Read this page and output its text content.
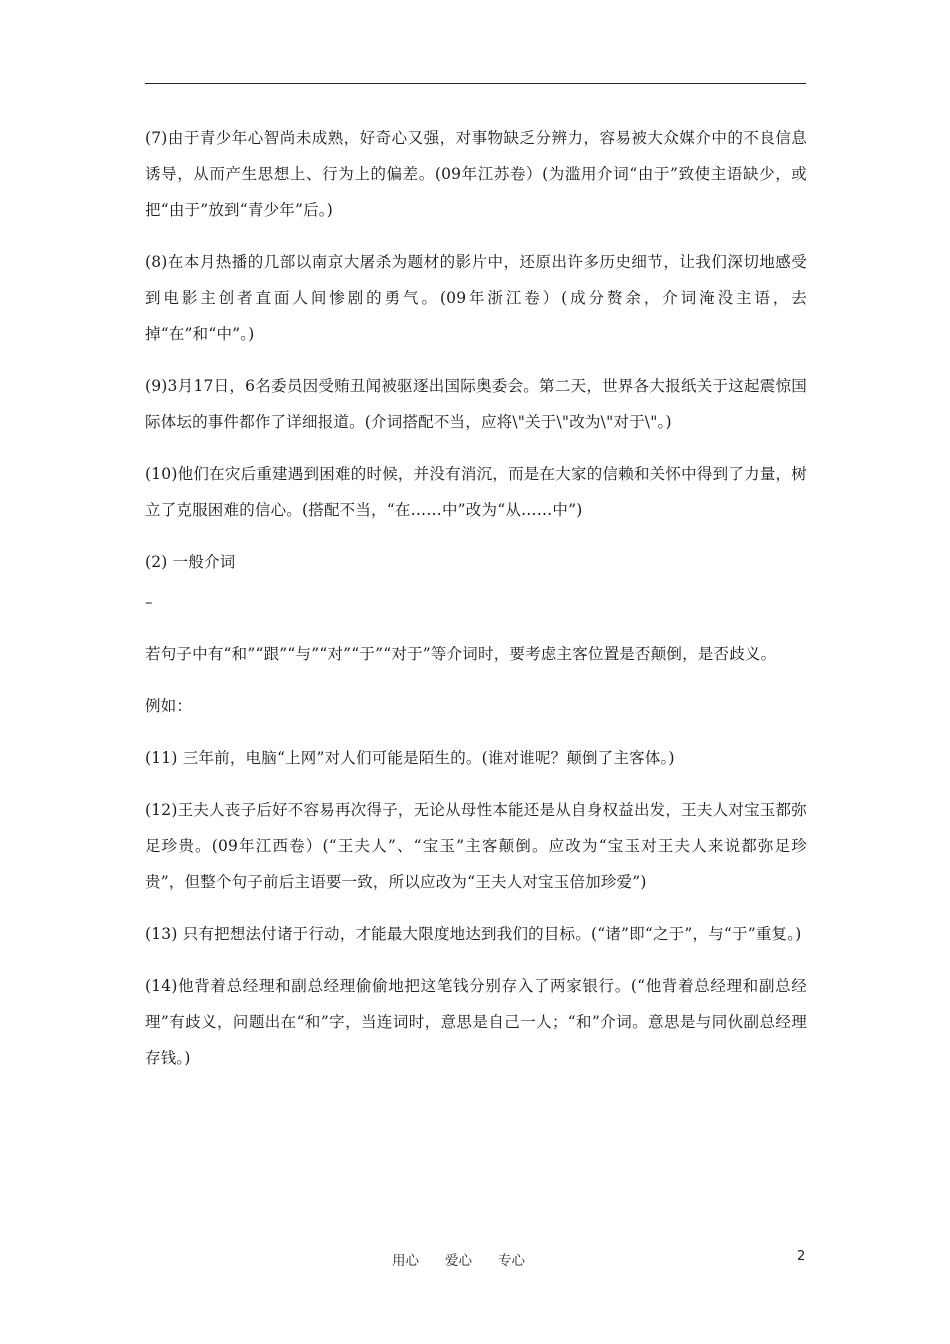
(7)由于青少年心智尚未成熟，好奇心又强，对事物缺乏分辨力，容易被大众媒介中的不良信息诱导，从而产生思想上、行为上的偏差。(09年江苏卷）(为滥用介词“由于”致使主语缺少，或把“由于”放到“青少年”后。)

(8)在本月热播的几部以南京大屠杀为题材的影片中，还原出许多历史细节，让我们深切地感受到电影主创者直面人间惨剧的勇气。(09年浙江卷）(成分赘余，介词淹没主语，去掉“在”和“中”。)

(9)3月17日，6名委员因受贿丑闻被驱逐出国际奥委会。第二天，世界各大报纸关于这起震惊国际体坛的事件都作了详细报道。(介词搭配不当，应将\"关于\"改为\"对于\"。)

(10)他们在灾后重建遇到困难的时候，并没有消沉，而是在大家的信赖和关怀中得到了力量，树立了克服困难的信心。(搭配不当，“在……中”改为“从……中”)

(2) 一般介词

–

若句子中有“和”“跟”“与”“对”“于”“对于”等介词时，要考虑主客位置是否颠倒，是否歧义。

例如：

(11) 三年前，电脑“上网”对人们可能是陌生的。(谁对谁呢？颠倒了主客体。)

(12)王夫人丧子后好不容易再次得子，无论从母性本能还是从自身权益出发，王夫人对宝玉都弥足珍贵。(09年江西卷）(“王夫人”、“宝玉”主客颠倒。应改为“宝玉对王夫人来说都弥足珍贵”，但整个句子前后主语要一致，所以应改为“王夫人对宝玉倍加珍爱”)

(13) 只有把想法付诸于行动，才能最大限度地达到我们的目标。(“诸”即“之于”，与“于”重复。)

(14)他背着总经理和副总经理偷偷地把这笔钱分别存入了两家银行。(“他背着总经理和副总经理”有歧义，问题出在“和”字，当连词时，意思是自己一人；“和”介词。意思是与同伙副总经理存钱。)

用心 爱心 专心	2
